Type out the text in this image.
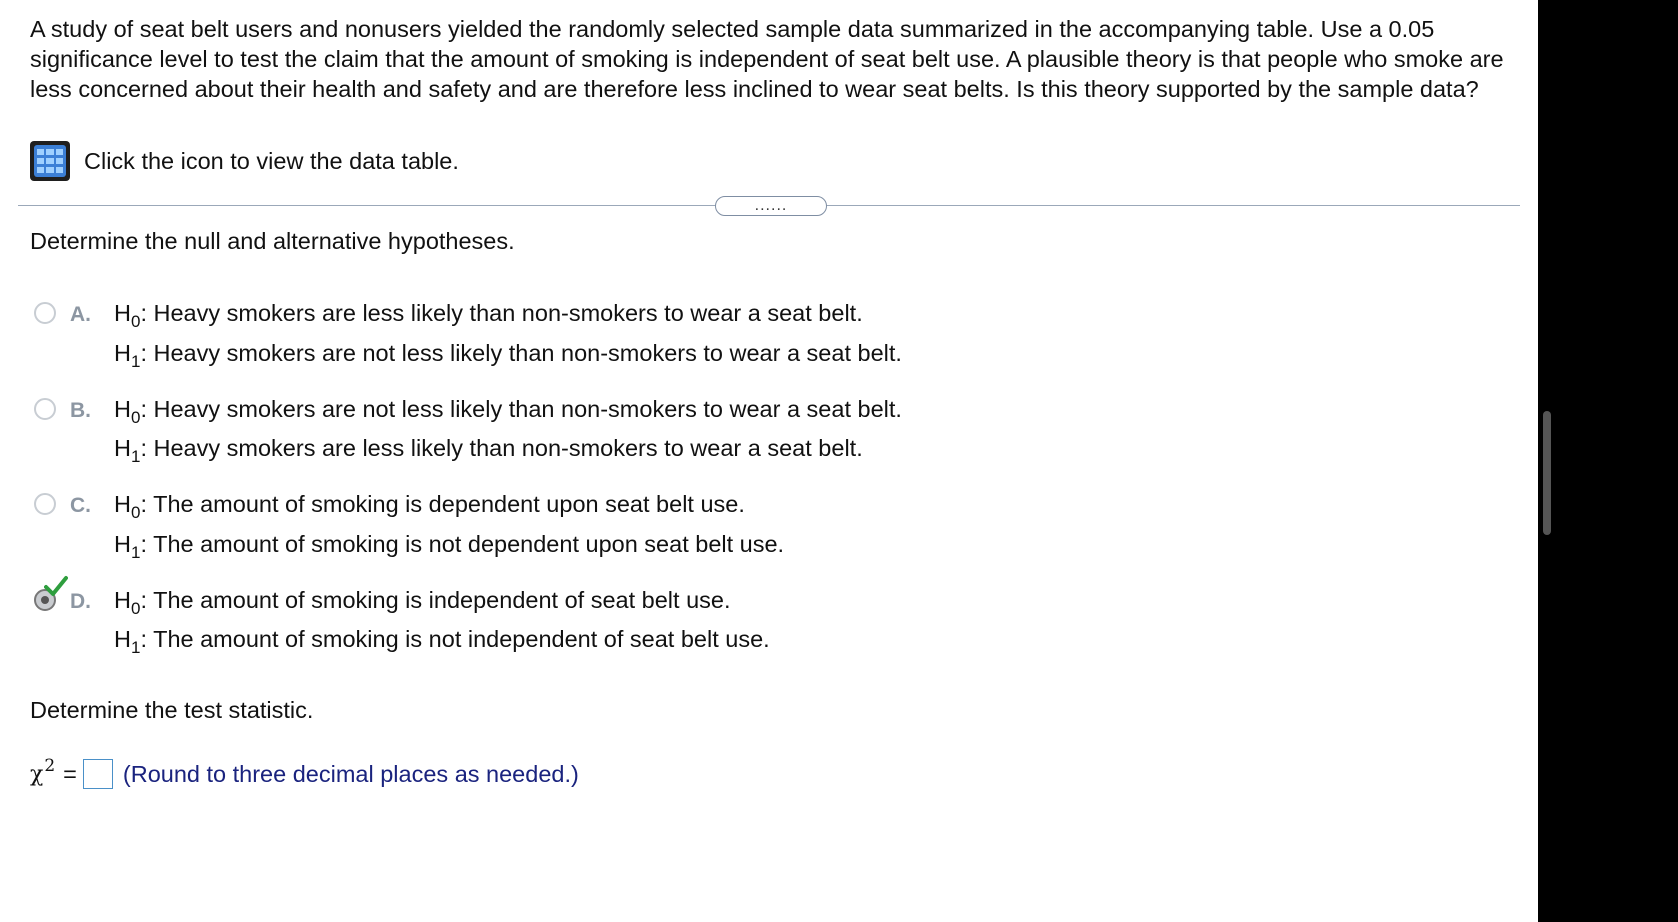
A study of seat belt users and nonusers yielded the randomly selected sample data summarized in the accompanying table. Use a 0.05 significance level to test the claim that the amount of smoking is independent of seat belt use. A plausible theory is that people who smoke are less concerned about their health and safety and are therefore less inclined to wear seat belts. Is this theory supported by the sample data?
Click the icon to view the data table.
......
Determine the null and alternative hypotheses.
A. $H_0$: Heavy smokers are less likely than non-smokers to wear a seat belt.
$H_1$: Heavy smokers are not less likely than non-smokers to wear a seat belt.
B. $H_0$: Heavy smokers are not less likely than non-smokers to wear a seat belt.
$H_1$: Heavy smokers are less likely than non-smokers to wear a seat belt.
C. $H_0$: The amount of smoking is dependent upon seat belt use.
$H_1$: The amount of smoking is not dependent upon seat belt use.
D. $H_0$: The amount of smoking is independent of seat belt use.
$H_1$: The amount of smoking is not independent of seat belt use.
Determine the test statistic.
$\chi^2$ = (Round to three decimal places as needed.)
